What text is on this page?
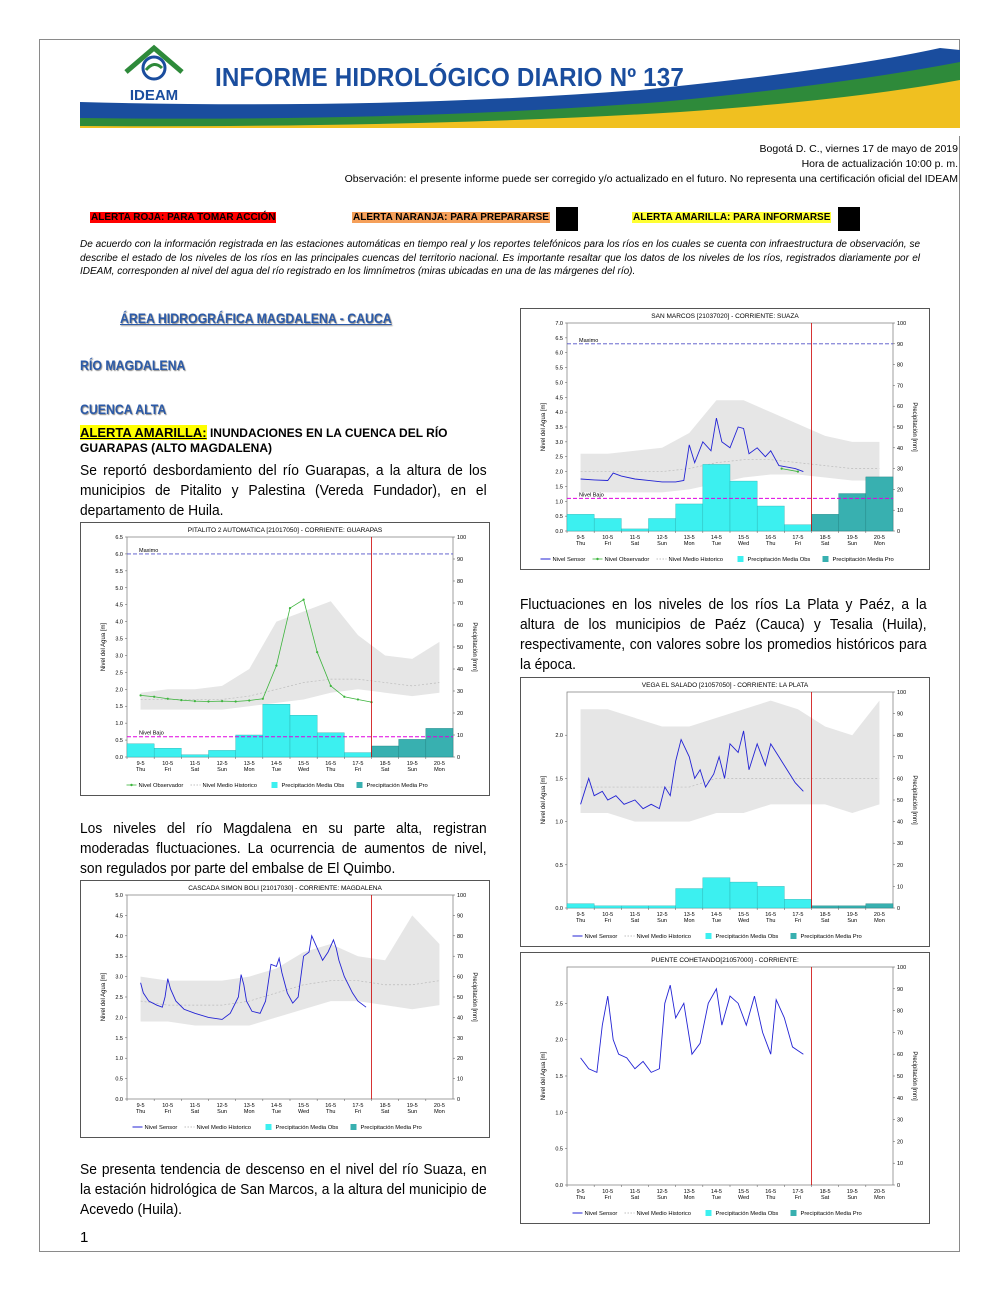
IDEAM
INFORME HIDROLÓGICO DIARIO Nº 137
Bogotá D. C., viernes 17 de mayo de 2019
Hora de actualización 10:00 p. m.
Observación: el presente informe puede ser corregido y/o actualizado en el futuro. No representa una certificación oficial del IDEAM
ALERTA ROJA: PARA TOMAR ACCIÓN	ALERTA NARANJA: PARA PREPARARSE	ALERTA AMARILLA: PARA INFORMARSE
De acuerdo con la información registrada en las estaciones automáticas en tiempo real y los reportes telefónicos para los ríos en los cuales se cuenta con infraestructura de observación, se describe el estado de los niveles de los ríos en las principales cuencas del territorio nacional. Es importante resaltar que los datos de los niveles de los ríos, registrados diariamente por el IDEAM, corresponden al nivel del agua del río registrado en los limnímetros (miras ubicadas en una de las márgenes del río).
ÁREA HIDROGRÁFICA MAGDALENA - CAUCA
RÍO MAGDALENA
CUENCA ALTA
ALERTA AMARILLA: INUNDACIONES EN LA CUENCA DEL RÍO GUARAPAS (ALTO MAGDALENA)
Se reportó desbordamiento del río Guarapas, a la altura de los municipios de Pitalito y Palestina (Vereda Fundador), en el departamento de Huila.
PITALITO 2 AUTOMATICA [21017050] - CORRIENTE: GUARAPAS
Maximo
Nivel Bajo
0.0
0.5
1.0
1.5
2.0
2.5
3.0
3.5
4.0
4.5
5.0
5.5
6.0
6.5
0
10
20
30
40
50
60
70
80
90
100
Nivel del Agua [m]	Precipitación [mm]
9-5
Thu
10-5
Fri
11-5
Sat
12-5
Sun
13-5
Mon
14-5
Tue
15-5
Wed
16-5
Thu
17-5
Fri
18-5
Sat
19-5
Sun
20-5
Mon
Nivel Observador	Nivel Medio Historico	Precipitación Media Obs	Precipitación Media Pro
Los niveles del río Magdalena en su parte alta, registran moderadas fluctuaciones. La ocurrencia de aumentos de nivel, son regulados por parte del embalse de El Quimbo.
CASCADA SIMON BOLI [21017030] - CORRIENTE: MAGDALENA
0.0
0.5
1.0
1.5
2.0
2.5
3.0
3.5
4.0
4.5
5.0
0
10
20
30
40
50
60
70
80
90
100
Nivel del Agua [m]	Precipitación [mm]
9-5
Thu
10-5
Fri
11-5
Sat
12-5
Sun
13-5
Mon
14-5
Tue
15-5
Wed
16-5
Thu
17-5
Fri
18-5
Sat
19-5
Sun
20-5
Mon
Nivel Sensor	Nivel Medio Historico	Precipitación Media Obs	Precipitación Media Pro
Se presenta tendencia de descenso en el nivel del río Suaza, en la estación hidrológica de San Marcos, a la altura del municipio de Acevedo (Huila).
SAN MARCOS [21037020] - CORRIENTE: SUAZA
Maximo
Nivel Bajo
0.0
0.5
1.0
1.5
2.0
2.5
3.0
3.5
4.0
4.5
5.0
5.5
6.0
6.5
7.0
0
10
20
30
40
50
60
70
80
90
100
Nivel del Agua [m]	Precipitación [mm]
9-5
Thu
10-5
Fri
11-5
Sat
12-5
Sun
13-5
Mon
14-5
Tue
15-5
Wed
16-5
Thu
17-5
Fri
18-5
Sat
19-5
Sun
20-5
Mon
Nivel Sensor	Nivel Observador	Nivel Medio Historico	Precipitación Media Obs	Precipitación Media Pro
Fluctuaciones en los niveles de los ríos La Plata y Paéz, a la altura de los municipios de Paéz (Cauca) y Tesalia (Huila), respectivamente, con valores sobre los promedios históricos para la época.
VEGA EL SALADO [21057050] - CORRIENTE: LA PLATA
0.0
0.5
1.0
1.5
2.0
0
10
20
30
40
50
60
70
80
90
100
Nivel del Agua [m]	Precipitación [mm]
9-5
Thu
10-5
Fri
11-5
Sat
12-5
Sun
13-5
Mon
14-5
Tue
15-5
Wed
16-5
Thu
17-5
Fri
18-5
Sat
19-5
Sun
20-5
Mon
Nivel Sensor	Nivel Medio Historico	Precipitación Media Obs	Precipitación Media Pro
PUENTE COHETANDO[21057000] - CORRIENTE:
0.0
0.5
1.0
1.5
2.0
2.5
0
10
20
30
40
50
60
70
80
90
100
Nivel del Agua [m]	Precipitación [mm]
9-5
Thu
10-5
Fri
11-5
Sat
12-5
Sun
13-5
Mon
14-5
Tue
15-5
Wed
16-5
Thu
17-5
Fri
18-5
Sat
19-5
Sun
20-5
Mon
Nivel Sensor	Nivel Medio Historico	Precipitación Media Obs	Precipitación Media Pro
1
